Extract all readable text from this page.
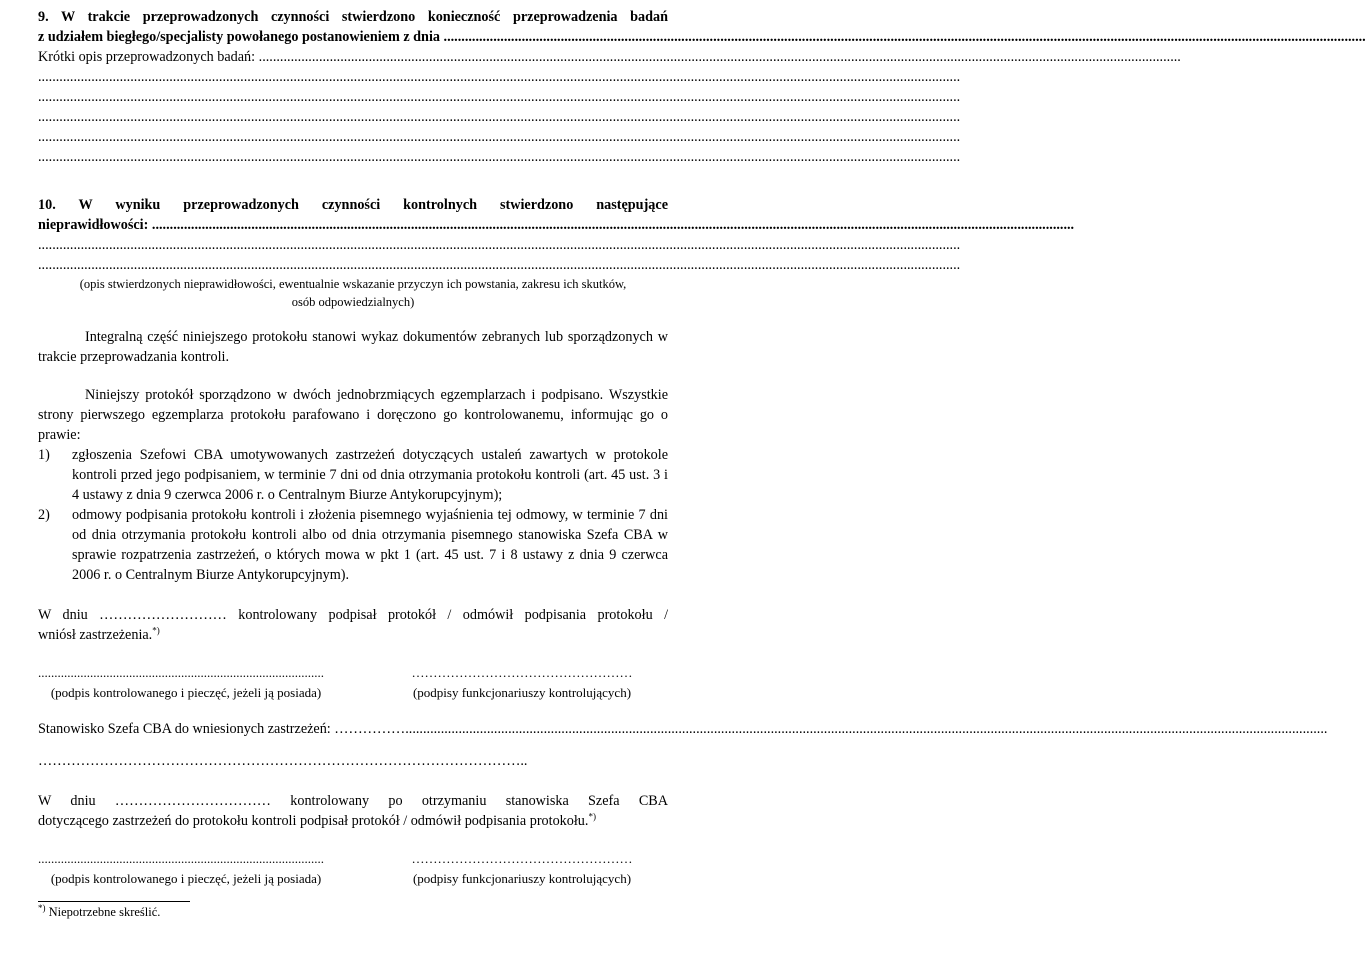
9. W trakcie przeprowadzonych czynności stwierdzono konieczność przeprowadzenia badań
z udziałem biegłego/specjalisty powołanego postanowieniem z dnia
....................................................................................................................................................................................................................................................................
Krótki opis przeprowadzonych badań:
....................................................................................................................................................................................................................................................................
....................................................................................................................................................................................................................................................................
....................................................................................................................................................................................................................................................................
....................................................................................................................................................................................................................................................................
....................................................................................................................................................................................................................................................................
....................................................................................................................................................................................................................................................................
10. W wyniku przeprowadzonych czynności kontrolnych stwierdzono następujące
nieprawidłowości:
....................................................................................................................................................................................................................................................................
....................................................................................................................................................................................................................................................................
....................................................................................................................................................................................................................................................................
(opis stwierdzonych nieprawidłowości, ewentualnie wskazanie przyczyn ich powstania, zakresu ich skutków,
osób odpowiedzialnych)
Integralną część niniejszego protokołu stanowi wykaz dokumentów zebranych lub sporządzonych w trakcie przeprowadzania kontroli.
Niniejszy protokół sporządzono w dwóch jednobrzmiących egzemplarzach i podpisano. Wszystkie strony pierwszego egzemplarza protokołu parafowano i doręczono go kontrolowanemu, informując go o prawie:
1)	zgłoszenia Szefowi CBA umotywowanych zastrzeżeń dotyczących ustaleń zawartych w protokole kontroli przed jego podpisaniem, w terminie 7 dni od dnia otrzymania protokołu kontroli (art. 45 ust. 3 i 4 ustawy z dnia 9 czerwca 2006 r. o Centralnym Biurze Antykorupcyjnym);
2)	odmowy podpisania protokołu kontroli i złożenia pisemnego wyjaśnienia tej odmowy, w terminie 7 dni od dnia otrzymania protokołu kontroli albo od dnia otrzymania pisemnego stanowiska Szefa CBA w sprawie rozpatrzenia zastrzeżeń, o których mowa w pkt 1 (art. 45 ust. 7 i 8 ustawy z dnia 9 czerwca 2006 r. o Centralnym Biurze Antykorupcyjnym).
W dniu ……………………… kontrolowany podpisał protokół / odmówił podpisania protokołu /
wniósł zastrzeżenia.*)
........................................................................................
(podpis kontrolowanego i pieczęć, jeżeli ją posiada)
……………………………………………
(podpisy funkcjonariuszy kontrolujących)
Stanowisko Szefa CBA do wniesionych zastrzeżeń:
…………… ....................................................................................................................................................................................................................................................................
…………………………………………………………………………………………..
W dniu …………………………… kontrolowany po otrzymaniu stanowiska Szefa CBA
dotyczącego zastrzeżeń do protokołu kontroli podpisał protokół / odmówił podpisania protokołu.*)
........................................................................................
(podpis kontrolowanego i pieczęć, jeżeli ją posiada)
……………………………………………
(podpisy funkcjonariuszy kontrolujących)
*) Niepotrzebne skreślić.
